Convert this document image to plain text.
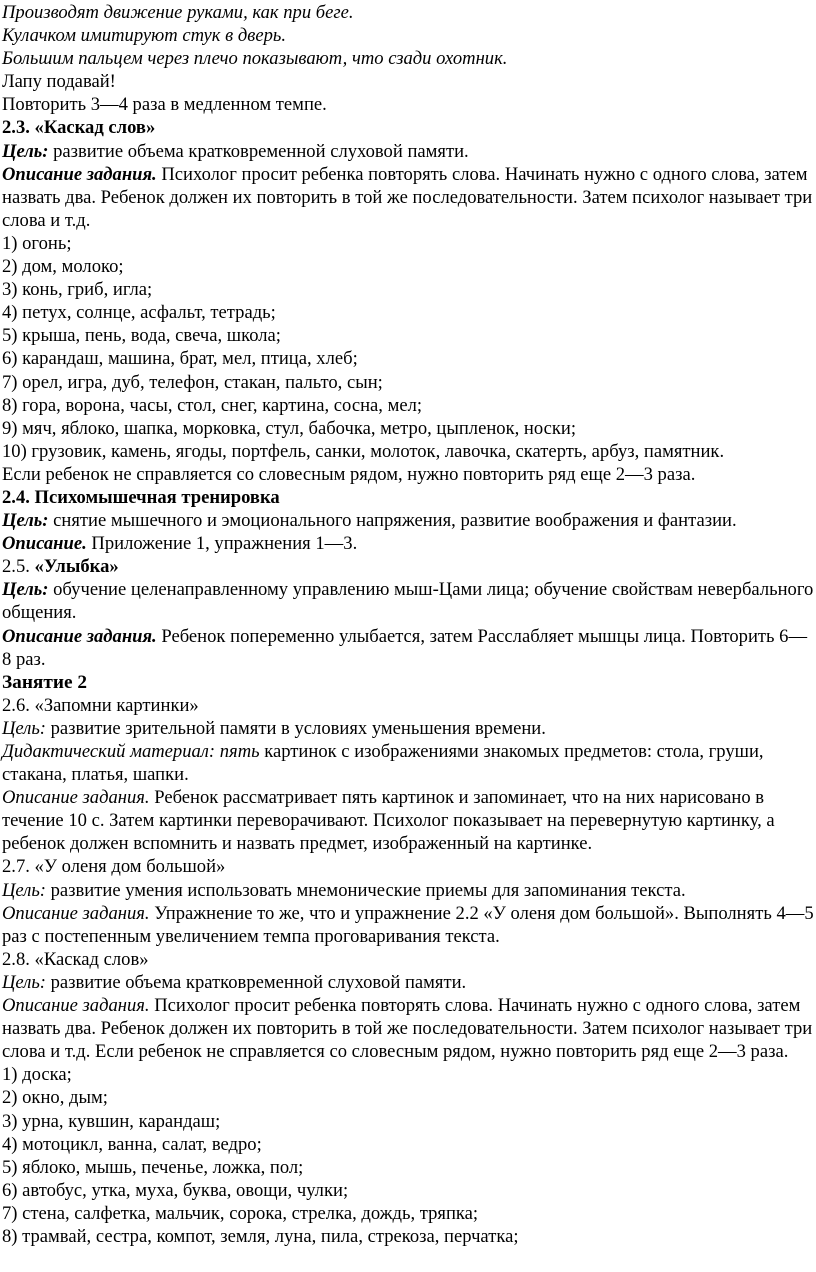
Производят движение руками, как при беге.

Кулачком имитируют стук в дверь.

Большим пальцем через плечо показывают, что сзади охотник.

Лапу подавай!

Повторить 3—4 раза в медленном темпе.

2.3. «Каскад слов»

Цель: развитие объема кратковременной слуховой памяти.

Описание задания. Психолог просит ребенка повторять слова. Начинать нужно с одного слова, затем назвать два. Ребенок должен их повторить в той же последовательности. Затем психолог называет три слова и т.д.

1) огонь;

2) дом, молоко;

3) конь, гриб, игла;

4) петух, солнце, асфальт, тетрадь;

5) крыша, пень, вода, свеча, школа;

6) карандаш, машина, брат, мел, птица, хлеб;

7) орел, игра, дуб, телефон, стакан, пальто, сын;

8) гора, ворона, часы, стол, снег, картина, сосна, мел;

9) мяч, яблоко, шапка, морковка, стул, бабочка, метро, цыпленок, носки;

10) грузовик, камень, ягоды, портфель, санки, молоток, лавочка, скатерть, арбуз, памятник.

Если ребенок не справляется со словесным рядом, нужно повторить ряд еще 2—3 раза.

2.4. Психомышечная тренировка

Цель: снятие мышечного и эмоционального напряжения, развитие воображения и фантазии.

Описание. Приложение 1, упражнения 1—3.

2.5. «Улыбка»

Цель: обучение целенаправленному управлению мыш-Цами лица; обучение свойствам невербального общения.

Описание задания. Ребенок попеременно улыбается, затем Расслабляет мышцы лица. Повторить 6—8 раз.

Занятие 2

2.6. «Запомни картинки»

Цель: развитие зрительной памяти в условиях уменьшения времени.

Дидактический материал: пять картинок с изображениями знакомых предметов: стола, груши, стакана, платья, шапки.

Описание задания. Ребенок рассматривает пять картинок и запоминает, что на них нарисовано в течение 10 с. Затем картинки переворачивают. Психолог показывает на перевернутую картинку, а ребенок должен вспомнить и назвать предмет, изображенный на картинке.

2.7. «У оленя дом большой»

Цель: развитие умения использовать мнемонические приемы для запоминания текста.

Описание задания. Упражнение то же, что и упражнение 2.2 «У оленя дом большой». Выполнять 4—5 раз с постепенным увеличением темпа проговаривания текста.

2.8. «Каскад слов»

Цель: развитие объема кратковременной слуховой памяти.

Описание задания. Психолог просит ребенка повторять слова. Начинать нужно с одного слова, затем назвать два. Ребенок должен их повторить в той же последовательности. Затем психолог называет три слова и т.д. Если ребенок не справляется со словесным рядом, нужно повторить ряд еще 2—3 раза.

1) доска;

2) окно, дым;

3) урна, кувшин, карандаш;

4) мотоцикл, ванна, салат, ведро;

5) яблоко, мышь, печенье, ложка, пол;

6) автобус, утка, муха, буква, овощи, чулки;

7) стена, салфетка, мальчик, сорока, стрелка, дождь, тряпка;

8) трамвай, сестра, компот, земля, луна, пила, стрекоза, перчатка;
